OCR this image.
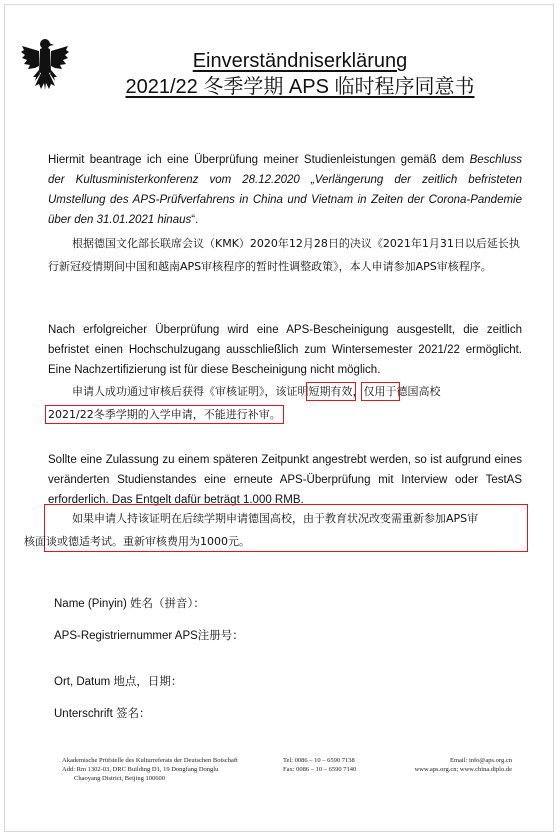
Einverständniserklärung
2021/22 冬季学期 APS 临时程序同意书
Hiermit beantrage ich eine Überprüfung meiner Studienleistungen gemäß dem Beschluss der Kultusministerkonferenz vom 28.12.2020 „Verlängerung der zeitlich befristeten Umstellung des APS-Prüfverfahrens in China und Vietnam in Zeiten der Corona-Pandemie über den 31.01.2021 hinaus“.
根据德国文化部长联席会议（KMK）2020年12月28日的决议《2021年1月31日以后延长执行新冠疫情期间中国和越南APS审核程序的暂时性调整政策》，本人申请参加APS审核程序。
Nach erfolgreicher Überprüfung wird eine APS-Bescheinigung ausgestellt, die zeitlich befristet einen Hochschulzugang ausschließlich zum Wintersemester 2021/22 ermöglicht. Eine Nachzertifizierung ist für diese Bescheinigung nicht möglich.
申请人成功通过审核后获得《审核证明》，该证明短期有效，仅用于德国高校
2021/22冬季学期的入学申请，不能进行补审。
Sollte eine Zulassung zu einem späteren Zeitpunkt angestrebt werden, so ist aufgrund eines veränderten Studienstandes eine erneute APS-Überprüfung mit Interview oder TestAS erforderlich. Das Entgelt dafür beträgt 1.000 RMB.
如果申请人持该证明在后续学期申请德国高校，由于教育状况改变需重新参加APS审
核面谈或德适考试。重新审核费用为1000元。
Name (Pinyin) 姓名（拼音）：
APS-Registriernummer APS注册号：
Ort, Datum 地点，日期：
Unterschrift 签名：
Akademische Prüfstelle des Kulturreferats der Deutschen Botschaft
Add: Rm 1302-03, DRC Building D1, 19 Dongfang Donglu
Chaoyang District, Beijing 100600
Tel: 0086 – 10 – 6590 7138
Fax: 0086 – 10 – 6590 7140
Email: info@aps.org.cn
www.aps.org.cn; www.china.diplo.de
